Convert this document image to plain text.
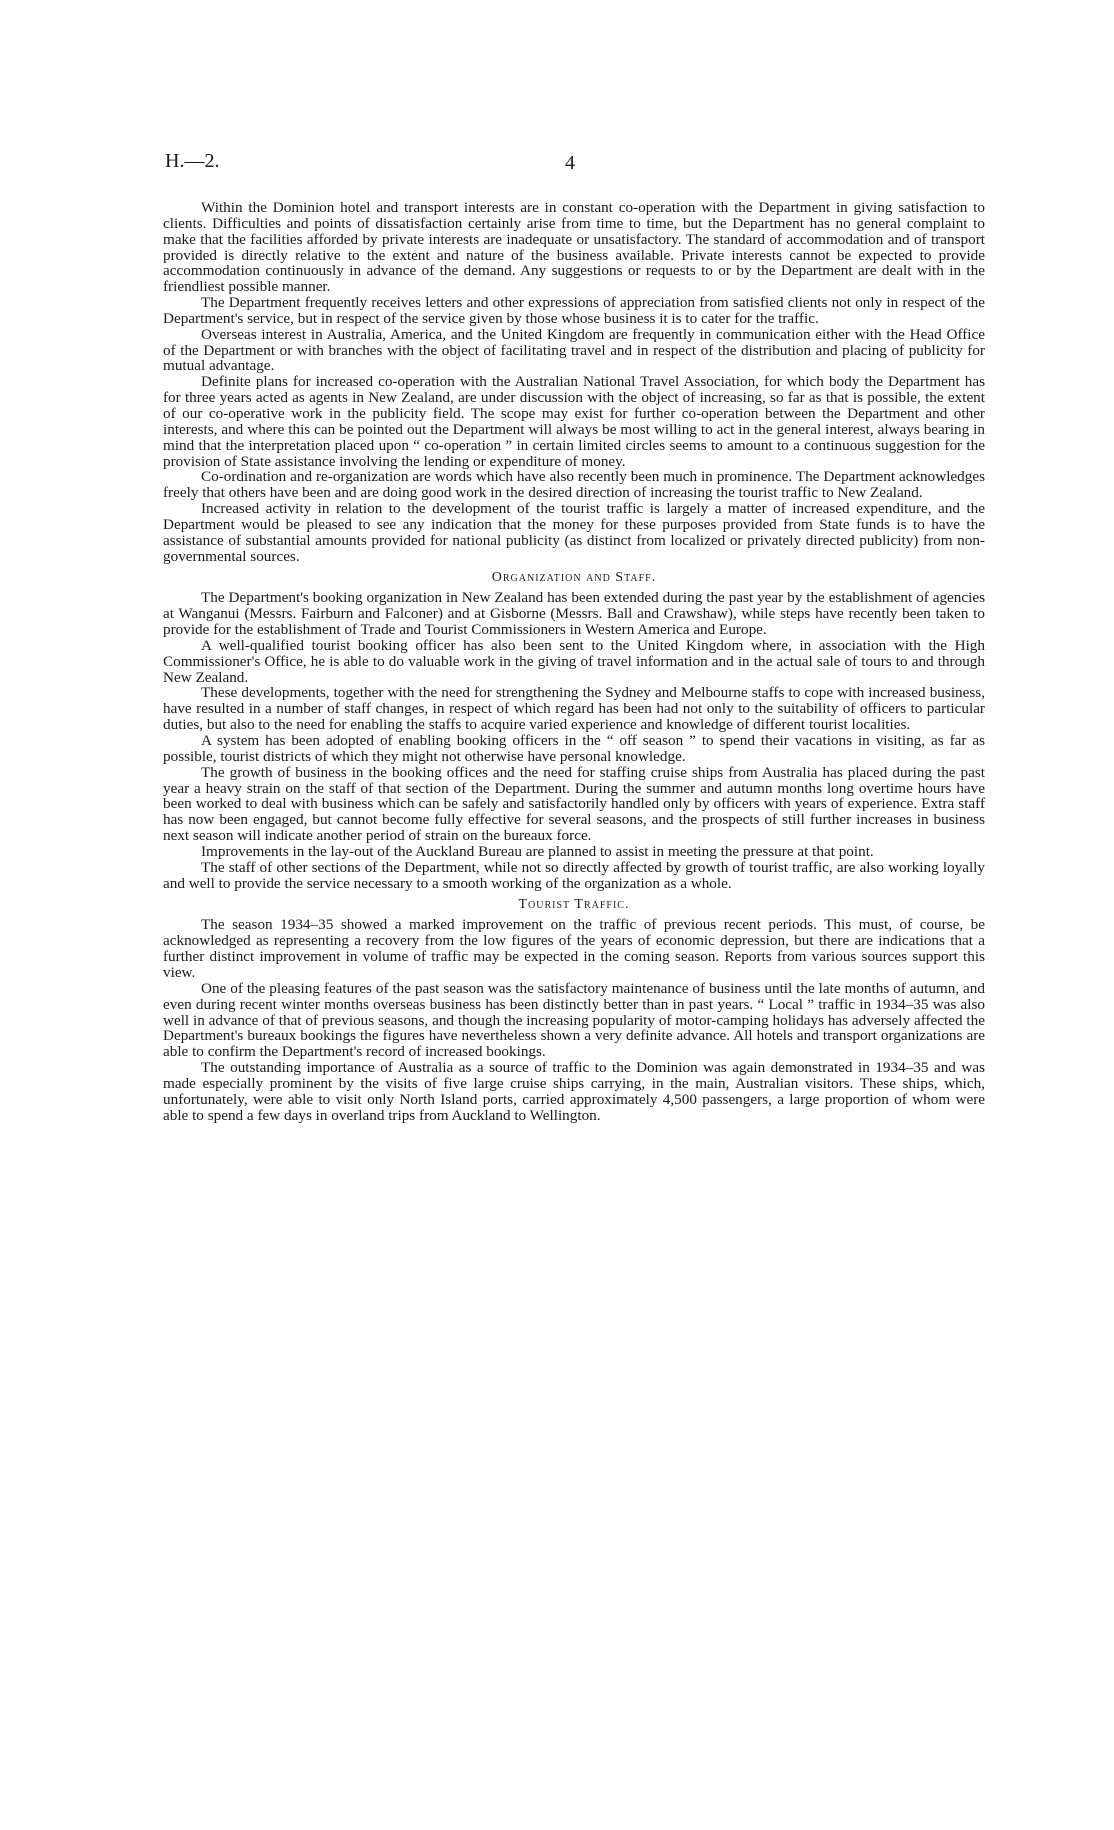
H.—2.	4

Within the Dominion hotel and transport interests are in constant co-operation with the Department in giving satisfaction to clients. Difficulties and points of dissatisfaction certainly arise from time to time, but the Department has no general complaint to make that the facilities afforded by private interests are inadequate or unsatisfactory. The standard of accommodation and of transport provided is directly relative to the extent and nature of the business available. Private interests cannot be expected to provide accommodation continuously in advance of the demand. Any suggestions or requests to or by the Department are dealt with in the friendliest possible manner.

The Department frequently receives letters and other expressions of appreciation from satisfied clients not only in respect of the Department's service, but in respect of the service given by those whose business it is to cater for the traffic.

Overseas interest in Australia, America, and the United Kingdom are frequently in communication either with the Head Office of the Department or with branches with the object of facilitating travel and in respect of the distribution and placing of publicity for mutual advantage.

Definite plans for increased co-operation with the Australian National Travel Association, for which body the Department has for three years acted as agents in New Zealand, are under discussion with the object of increasing, so far as that is possible, the extent of our co-operative work in the publicity field. The scope may exist for further co-operation between the Department and other interests, and where this can be pointed out the Department will always be most willing to act in the general interest, always bearing in mind that the interpretation placed upon “ co-operation ” in certain limited circles seems to amount to a continuous suggestion for the provision of State assistance involving the lending or expenditure of money.

Co-ordination and re-organization are words which have also recently been much in prominence. The Department acknowledges freely that others have been and are doing good work in the desired direction of increasing the tourist traffic to New Zealand.

Increased activity in relation to the development of the tourist traffic is largely a matter of increased expenditure, and the Department would be pleased to see any indication that the money for these purposes provided from State funds is to have the assistance of substantial amounts provided for national publicity (as distinct from localized or privately directed publicity) from non-governmental sources.

Organization and Staff.

The Department's booking organization in New Zealand has been extended during the past year by the establishment of agencies at Wanganui (Messrs. Fairburn and Falconer) and at Gisborne (Messrs. Ball and Crawshaw), while steps have recently been taken to provide for the establishment of Trade and Tourist Commissioners in Western America and Europe.

A well-qualified tourist booking officer has also been sent to the United Kingdom where, in association with the High Commissioner's Office, he is able to do valuable work in the giving of travel information and in the actual sale of tours to and through New Zealand.

These developments, together with the need for strengthening the Sydney and Melbourne staffs to cope with increased business, have resulted in a number of staff changes, in respect of which regard has been had not only to the suitability of officers to particular duties, but also to the need for enabling the staffs to acquire varied experience and knowledge of different tourist localities.

A system has been adopted of enabling booking officers in the “ off season ” to spend their vacations in visiting, as far as possible, tourist districts of which they might not otherwise have personal knowledge.

The growth of business in the booking offices and the need for staffing cruise ships from Australia has placed during the past year a heavy strain on the staff of that section of the Department. During the summer and autumn months long overtime hours have been worked to deal with business which can be safely and satisfactorily handled only by officers with years of experience. Extra staff has now been engaged, but cannot become fully effective for several seasons, and the prospects of still further increases in business next season will indicate another period of strain on the bureaux force.

Improvements in the lay-out of the Auckland Bureau are planned to assist in meeting the pressure at that point.

The staff of other sections of the Department, while not so directly affected by growth of tourist traffic, are also working loyally and well to provide the service necessary to a smooth working of the organization as a whole.

Tourist Traffic.

The season 1934–35 showed a marked improvement on the traffic of previous recent periods. This must, of course, be acknowledged as representing a recovery from the low figures of the years of economic depression, but there are indications that a further distinct improvement in volume of traffic may be expected in the coming season. Reports from various sources support this view.

One of the pleasing features of the past season was the satisfactory maintenance of business until the late months of autumn, and even during recent winter months overseas business has been distinctly better than in past years. “ Local ” traffic in 1934–35 was also well in advance of that of previous seasons, and though the increasing popularity of motor-camping holidays has adversely affected the Department's bureaux bookings the figures have nevertheless shown a very definite advance. All hotels and transport organizations are able to confirm the Department's record of increased bookings.

The outstanding importance of Australia as a source of traffic to the Dominion was again demonstrated in 1934–35 and was made especially prominent by the visits of five large cruise ships carrying, in the main, Australian visitors. These ships, which, unfortunately, were able to visit only North Island ports, carried approximately 4,500 passengers, a large proportion of whom were able to spend a few days in overland trips from Auckland to Wellington.
